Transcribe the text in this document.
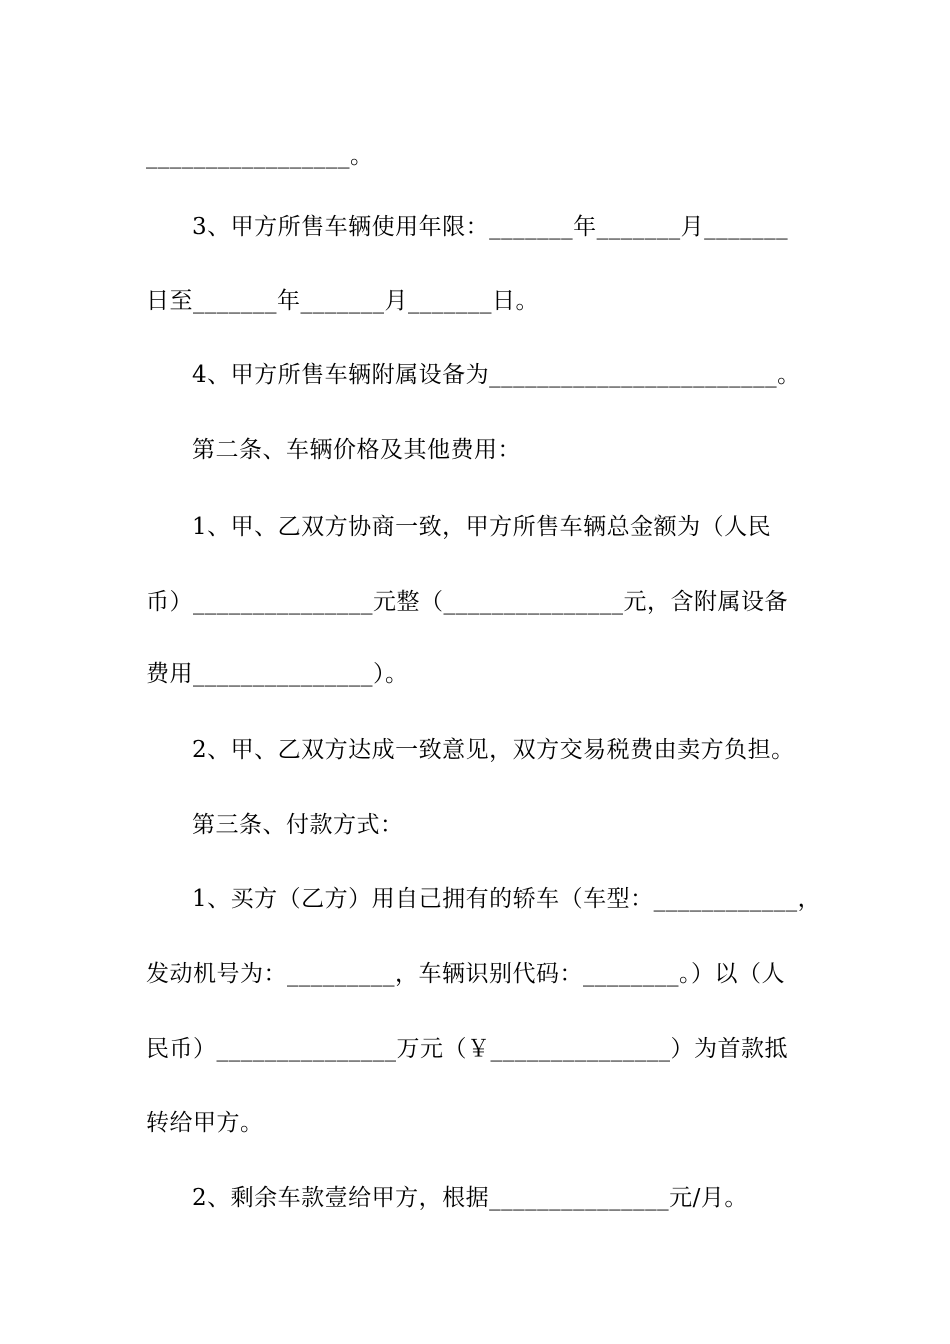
_________________。
3、甲方所售车辆使用年限：_______年_______月_______
日至_______年_______月_______日。
4、甲方所售车辆附属设备为________________________。
第二条、车辆价格及其他费用：
1、甲、乙双方协商一致，甲方所售车辆总金额为（人民
币）_______________元整（_______________元，含附属设备
费用_______________）。
2、甲、乙双方达成一致意见，双方交易税费由卖方负担。
第三条、付款方式：
1、买方（乙方）用自己拥有的轿车（车型：____________，
发动机号为：_________，车辆识别代码：________。）以（人
民币）_______________万元（￥_______________）为首款抵
转给甲方。
2、剩余车款壹给甲方，根据_______________元/月。
